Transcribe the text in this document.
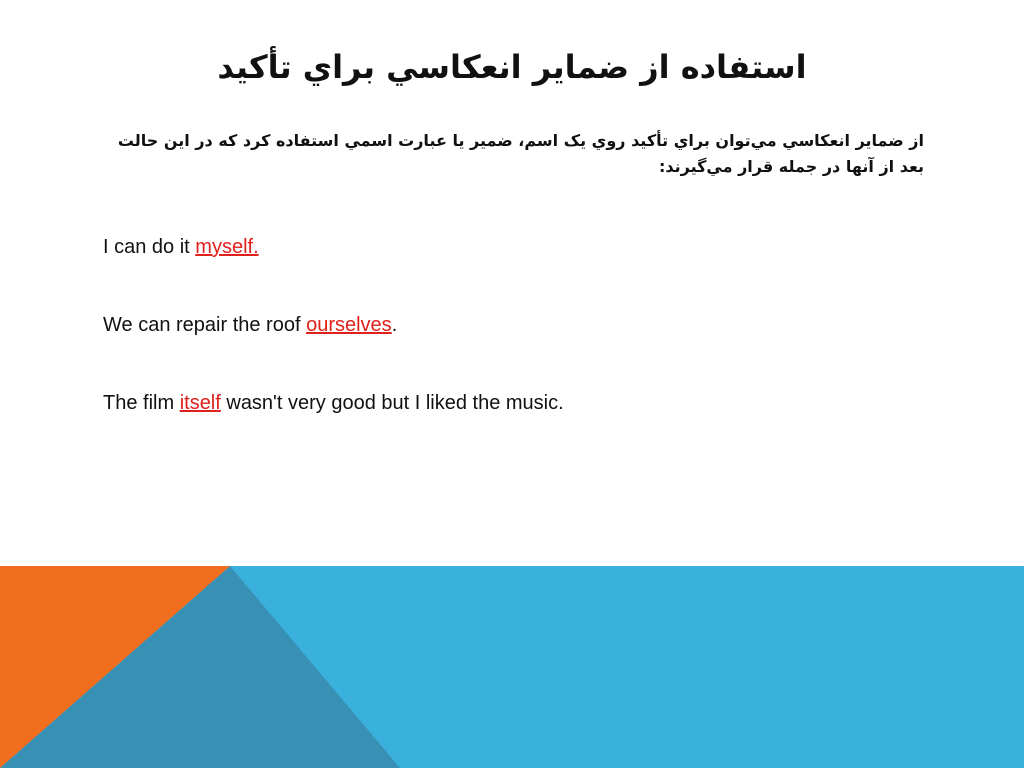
استفاده از ضماير انعکاسي براي تأکيد

از ضماير انعکاسي مي‌توان براي تأکيد روي يک اسم، ضمير يا عبارت اسمي استفاده کرد که در اين حالت بعد از آنها در جمله قرار مي‌گيرند:

I can do it myself.

We can repair the roof ourselves.

The film itself wasn't very good but I liked the music.
